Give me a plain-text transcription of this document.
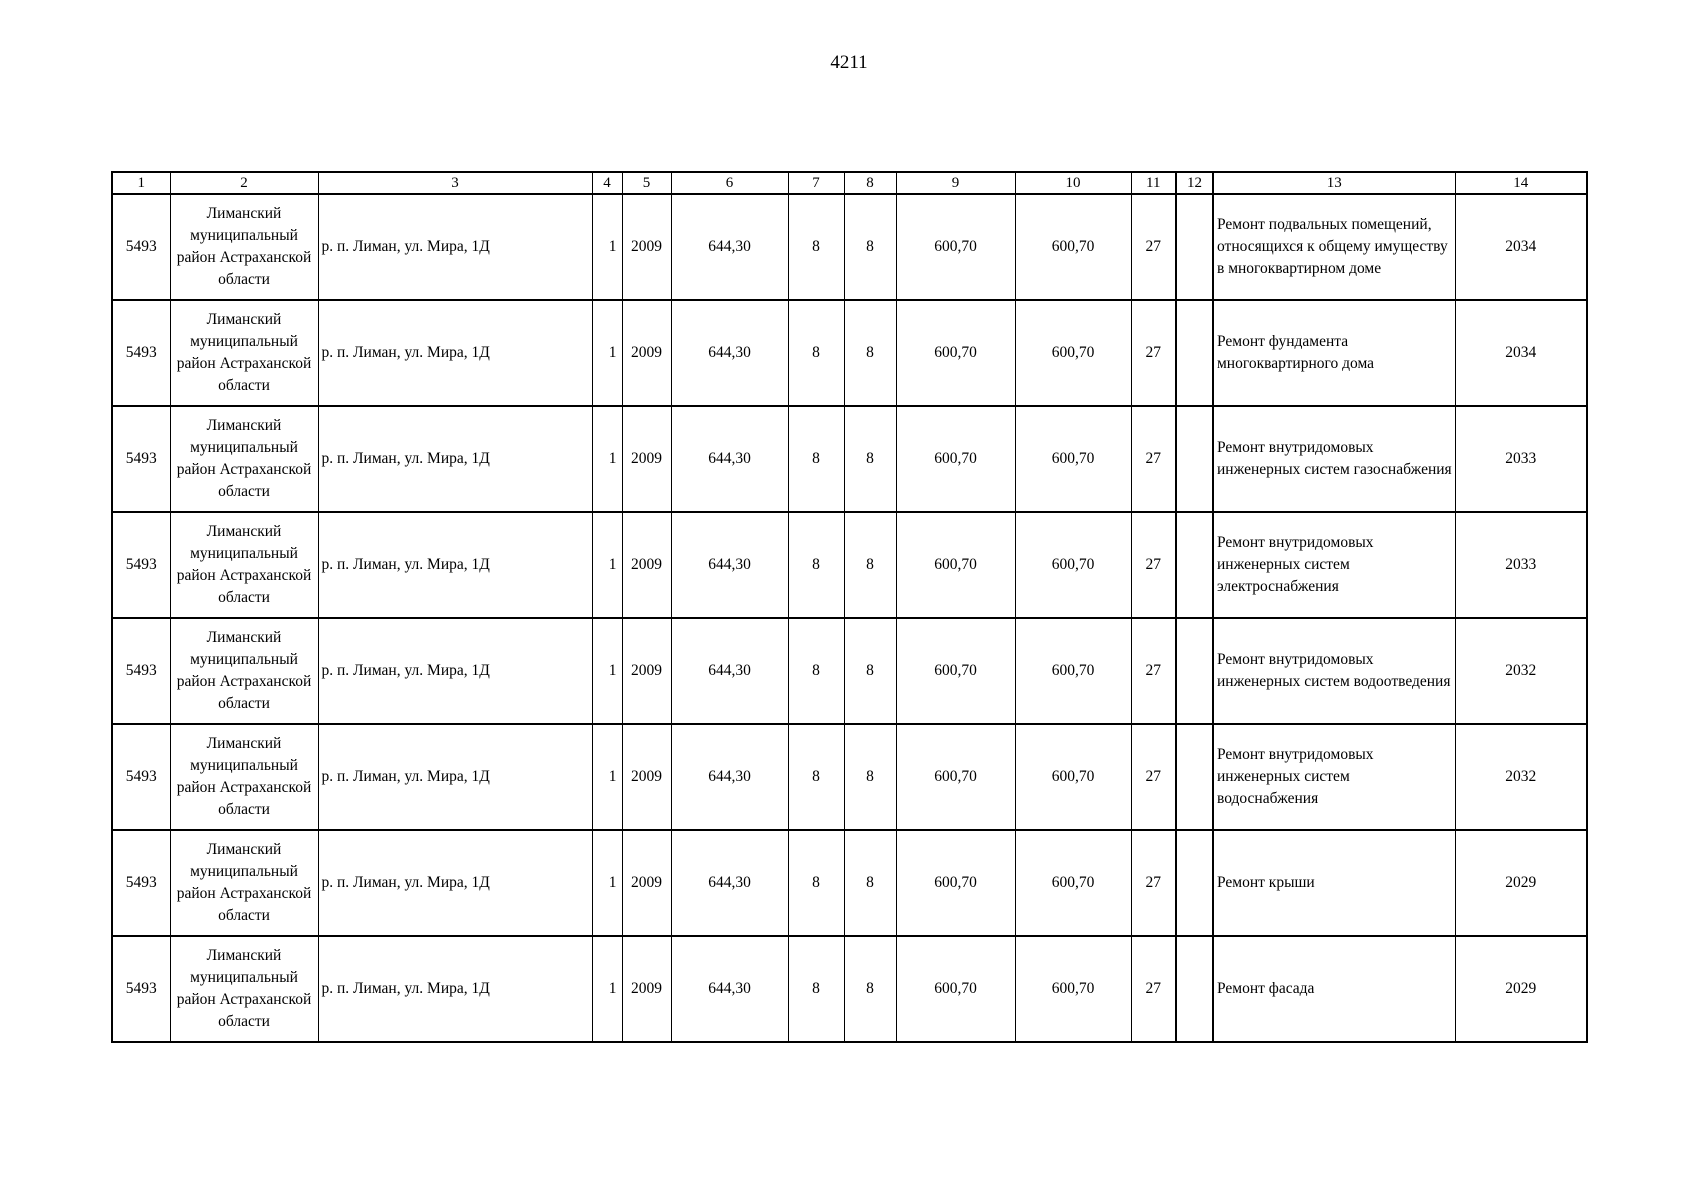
4211
1	2	3	4	5	6	7	8	9	10	11	12	13	14
5493	Лиманский муниципальный район Астраханской области	р. п. Лиман, ул. Мира, 1Д	1	2009	644,30	8	8	600,70	600,70	27		Ремонт подвальных помещений, относящихся к общему имуществу в многоквартирном доме	2034
5493	Лиманский муниципальный район Астраханской области	р. п. Лиман, ул. Мира, 1Д	1	2009	644,30	8	8	600,70	600,70	27		Ремонт фундамента многоквартирного дома	2034
5493	Лиманский муниципальный район Астраханской области	р. п. Лиман, ул. Мира, 1Д	1	2009	644,30	8	8	600,70	600,70	27		Ремонт внутридомовых инженерных систем газоснабжения	2033
5493	Лиманский муниципальный район Астраханской области	р. п. Лиман, ул. Мира, 1Д	1	2009	644,30	8	8	600,70	600,70	27		Ремонт внутридомовых инженерных систем электроснабжения	2033
5493	Лиманский муниципальный район Астраханской области	р. п. Лиман, ул. Мира, 1Д	1	2009	644,30	8	8	600,70	600,70	27		Ремонт внутридомовых инженерных систем водоотведения	2032
5493	Лиманский муниципальный район Астраханской области	р. п. Лиман, ул. Мира, 1Д	1	2009	644,30	8	8	600,70	600,70	27		Ремонт внутридомовых инженерных систем водоснабжения	2032
5493	Лиманский муниципальный район Астраханской области	р. п. Лиман, ул. Мира, 1Д	1	2009	644,30	8	8	600,70	600,70	27		Ремонт крыши	2029
5493	Лиманский муниципальный район Астраханской области	р. п. Лиман, ул. Мира, 1Д	1	2009	644,30	8	8	600,70	600,70	27		Ремонт фасада	2029
